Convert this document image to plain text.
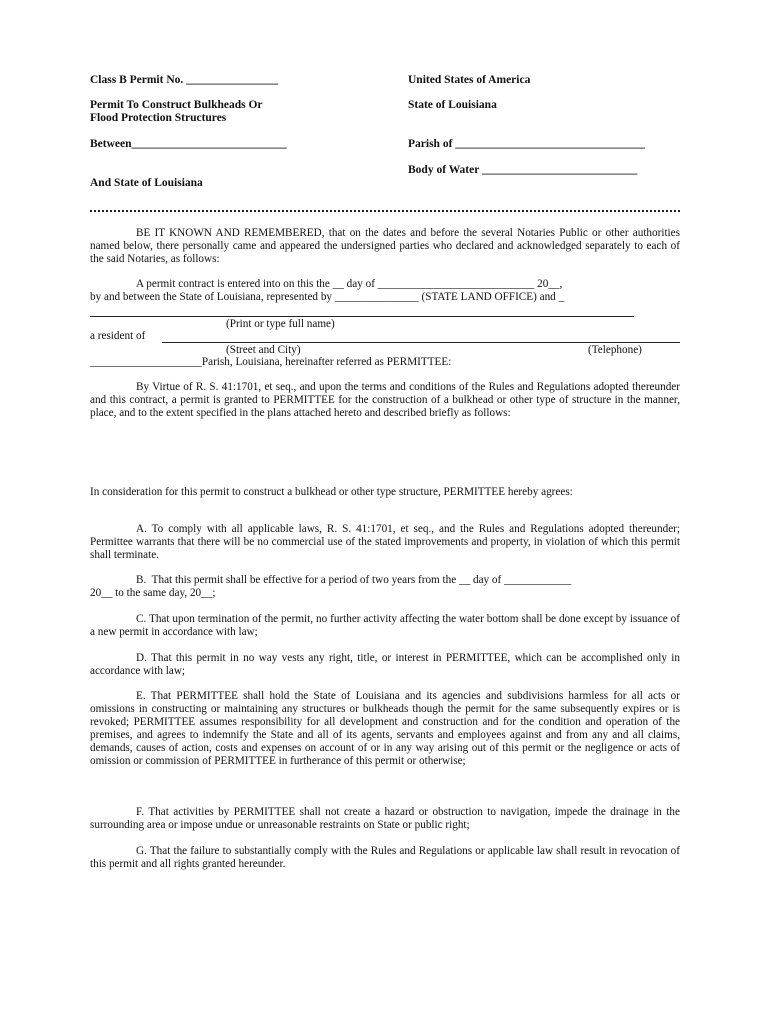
Class B Permit No. ________________	United States of America
Permit To Construct Bulkheads Or
Flood Protection Structures
State of Louisiana
Between___________________________	Parish of _________________________________
Body of Water ___________________________
And State of Louisiana
BE IT KNOWN AND REMEMBERED, that on the dates and before the several Notaries Public or other authorities named below, there personally came and appeared the undersigned parties who declared and acknowledged separately to each of the said Notaries, as follows:
A permit contract is entered into on this the __ day of ____________________________ 20__,
by and between the State of Louisiana, represented by _______________ (STATE LAND OFFICE) and _
(Print or type full name)
a resident of
(Street and City)	(Telephone)
____________________Parish, Louisiana, hereinafter referred as PERMITTEE:
By Virtue of R. S. 41:1701, et seq., and upon the terms and conditions of the Rules and Regulations adopted thereunder and this contract, a permit is granted to PERMITTEE for the construction of a bulkhead or other type of structure in the manner, place, and to the extent specified in the plans attached hereto and described briefly as follows:
In consideration for this permit to construct a bulkhead or other type structure, PERMITTEE hereby agrees:
A. To comply with all applicable laws, R. S. 41:1701, et seq., and the Rules and Regulations adopted thereunder; Permittee warrants that there will be no commercial use of the stated improvements and property, in violation of which this permit shall terminate.
B.  That this permit shall be effective for a period of two years from the __ day of ____________
20__ to the same day, 20__;
C. That upon termination of the permit, no further activity affecting the water bottom shall be done except by issuance of a new permit in accordance with law;
D. That this permit in no way vests any right, title, or interest in PERMITTEE, which can be accomplished only in accordance with law;
E. That PERMITTEE shall hold the State of Louisiana and its agencies and subdivisions harmless for all acts or omissions in constructing or maintaining any structures or bulkheads though the permit for the same subsequently expires or is revoked; PERMITTEE assumes responsibility for all development and construction and for the condition and operation of the premises, and agrees to indemnify the State and all of its agents, servants and employees against and from any and all claims, demands, causes of action, costs and expenses on account of or in any way arising out of this permit or the negligence or acts of omission or commission of PERMITTEE in furtherance of this permit or otherwise;
F. That activities by PERMITTEE shall not create a hazard or obstruction to navigation, impede the drainage in the surrounding area or impose undue or unreasonable restraints on State or public right;
G. That the failure to substantially comply with the Rules and Regulations or applicable law shall result in revocation of this permit and all rights granted hereunder.
